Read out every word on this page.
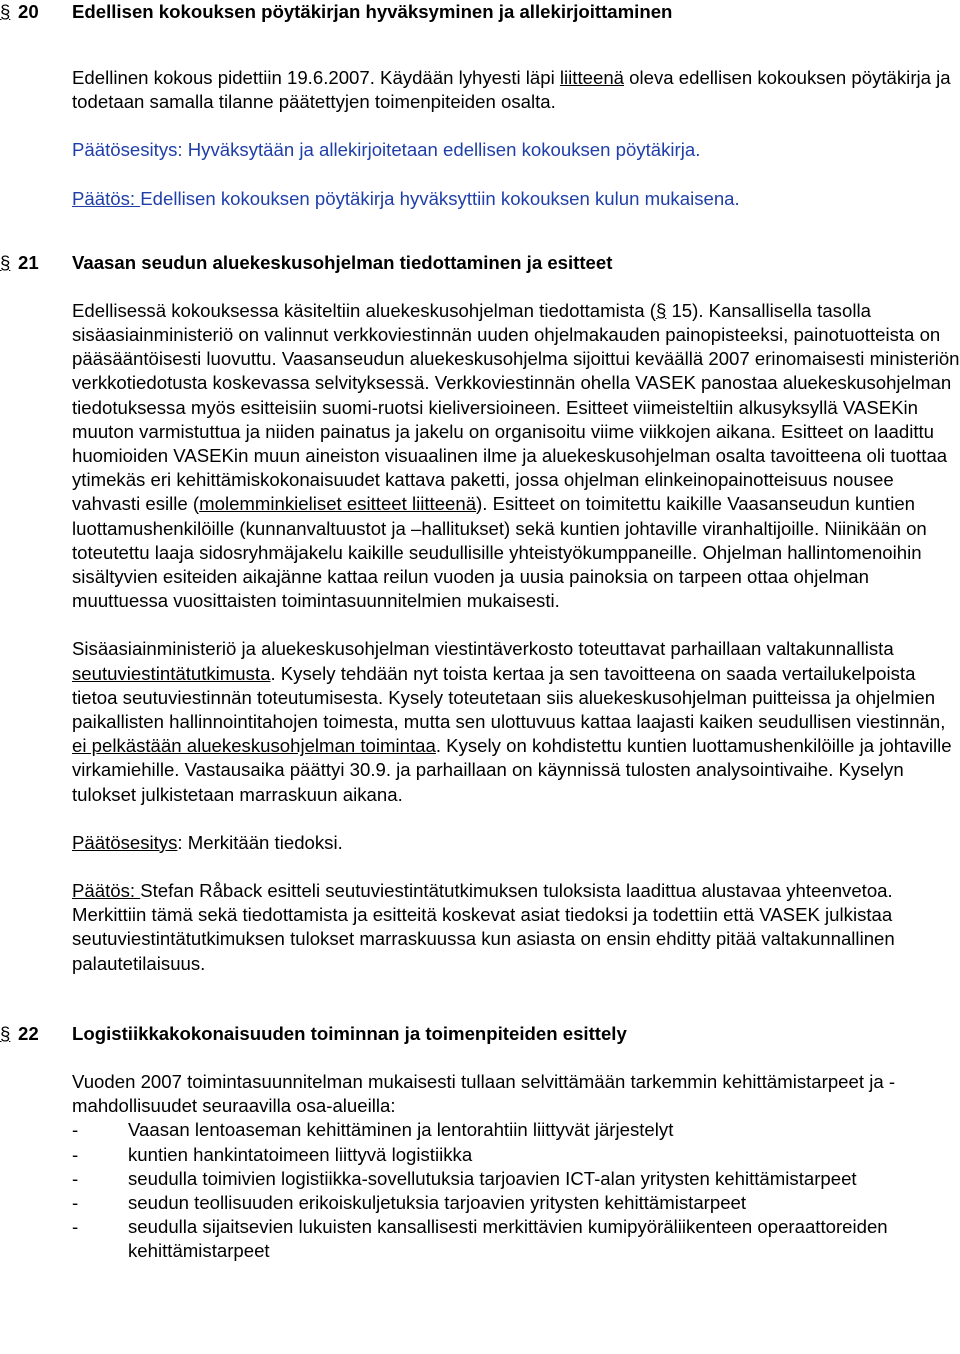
§ 20 Edellisen kokouksen pöytäkirjan hyväksyminen ja allekirjoittaminen

Edellinen kokous pidettiin 19.6.2007. Käydään lyhyesti läpi liitteenä oleva edellisen kokouksen pöytäkirja ja todetaan samalla tilanne päätettyjen toimenpiteiden osalta.

Päätösesitys: Hyväksytään ja allekirjoitetaan edellisen kokouksen pöytäkirja.

Päätös: Edellisen kokouksen pöytäkirja hyväksyttiin kokouksen kulun mukaisena.

§ 21 Vaasan seudun aluekeskusohjelman tiedottaminen ja esitteet

Edellisessä kokouksessa käsiteltiin aluekeskusohjelman tiedottamista (§ 15). Kansallisella tasolla sisäasiainministeriö on valinnut verkkoviestinnän uuden ohjelmakauden painopisteeksi, painotuotteista on pääsääntöisesti luovuttu. Vaasanseudun aluekeskusohjelma sijoittui keväällä 2007 erinomaisesti ministeriön verkkotiedotusta koskevassa selvityksessä. Verkkoviestinnän ohella VASEK panostaa aluekeskusohjelman tiedotuksessa myös esitteisiin suomi-ruotsi kieliversioineen. Esitteet viimeisteltiin alkusyksyllä VASEKin muuton varmistuttua ja niiden painatus ja jakelu on organisoitu viime viikkojen aikana. Esitteet on laadittu huomioiden VASEKin muun aineiston visuaalinen ilme ja aluekeskusohjelman osalta tavoitteena oli tuottaa ytimekäs eri kehittämiskokonaisuudet kattava paketti, jossa ohjelman elinkeinopainotteisuus nousee vahvasti esille (molemminkieliset esitteet liitteenä). Esitteet on toimitettu kaikille Vaasanseudun kuntien luottamushenkilöille (kunnanvaltuustot ja –hallitukset) sekä kuntien johtaville viranhaltijoille. Niinikään on toteutettu laaja sidosryhmäjakelu kaikille seudullisille yhteistyökumppaneille. Ohjelman hallintomenoihin sisältyvien esiteiden aikajänne kattaa reilun vuoden ja uusia painoksia on tarpeen ottaa ohjelman muuttuessa vuosittaisten toimintasuunnitelmien mukaisesti.

Sisäasiainministeriö ja aluekeskusohjelman viestintäverkosto toteuttavat parhaillaan valtakunnallista seutuviestintätutkimusta. Kysely tehdään nyt toista kertaa ja sen tavoitteena on saada vertailukelpoista tietoa seutuviestinnän toteutumisesta. Kysely toteutetaan siis aluekeskusohjelman puitteissa ja ohjelmien paikallisten hallinnointitahojen toimesta, mutta sen ulottuvuus kattaa laajasti kaiken seudullisen viestinnän, ei pelkästään aluekeskusohjelman toimintaa. Kysely on kohdistettu kuntien luottamushenkilöille ja johtaville virkamiehille. Vastausaika päättyi 30.9. ja parhaillaan on käynnissä tulosten analysointivaihe. Kyselyn tulokset julkistetaan marraskuun aikana.

Päätösesitys: Merkitään tiedoksi.

Päätös: Stefan Råback esitteli seutuviestintätutkimuksen tuloksista laadittua alustavaa yhteenvetoa. Merkittiin tämä sekä tiedottamista ja esitteitä koskevat asiat tiedoksi ja todettiin että VASEK julkistaa seutuviestintätutkimuksen tulokset marraskuussa kun asiasta on ensin ehditty pitää valtakunnallinen palautetilaisuus.

§ 22 Logistiikkakokonaisuuden toiminnan ja toimenpiteiden esittely

Vuoden 2007 toimintasuunnitelman mukaisesti tullaan selvittämään tarkemmin kehittämistarpeet ja -mahdollisuudet seuraavilla osa-alueilla:

-	Vaasan lentoaseman kehittäminen ja lentorahtiin liittyvät järjestelyt
-	kuntien hankintatoimeen liittyvä logistiikka
-	seudulla toimivien logistiikka-sovellutuksia tarjoavien ICT-alan yritysten kehittämistarpeet
-	seudun teollisuuden erikoiskuljetuksia tarjoavien yritysten kehittämistarpeet
-	seudulla sijaitsevien lukuisten kansallisesti merkittävien kumipyöräliikenteen operaattoreiden kehittämistarpeet
